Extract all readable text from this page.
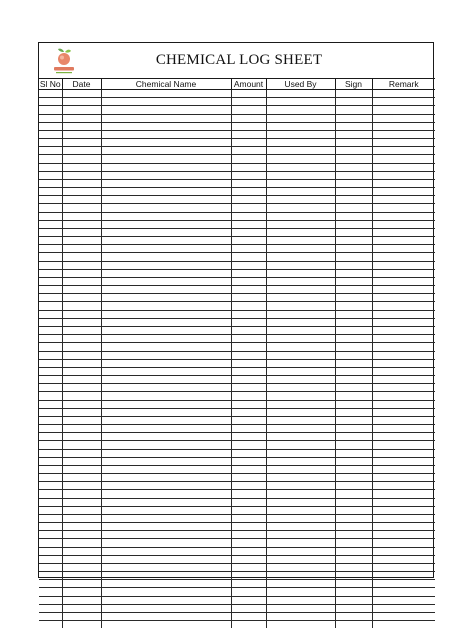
CHEMICAL LOG SHEET
Sl No	Date	Chemical Name	Amount	Used By	Sign	Remark
